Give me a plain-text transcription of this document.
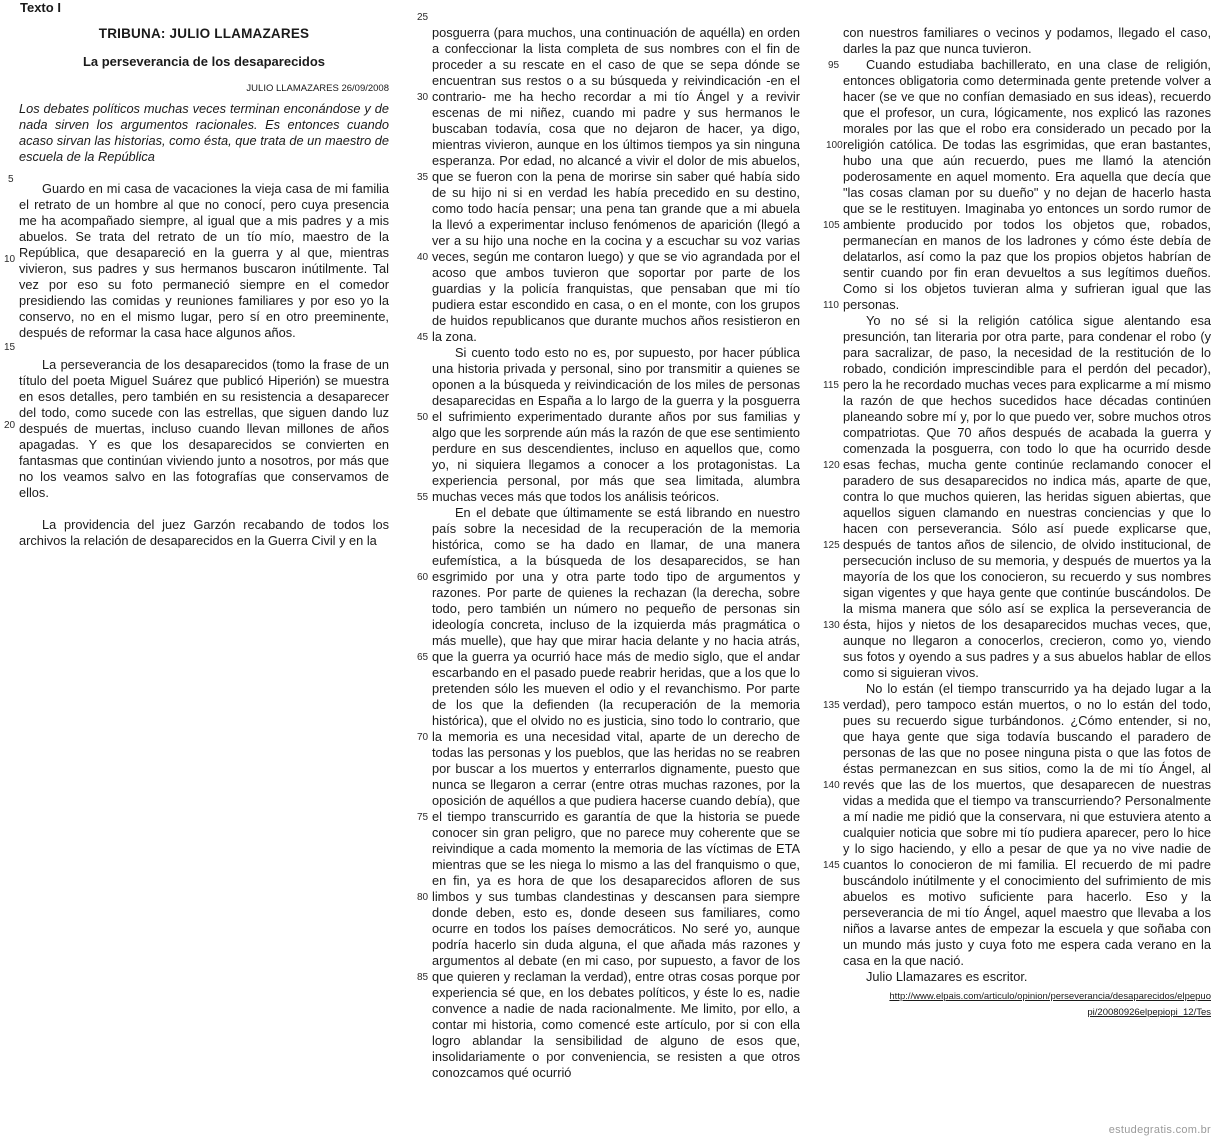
Texto I
TRIBUNA: JULIO LLAMAZARES
La perseverancia de los desaparecidos
JULIO LLAMAZARES 26/09/2008
Los debates políticos muchas veces terminan enconándose y de nada sirven los argumentos racionales. Es entonces cuando acaso sirvan las historias, como ésta, que trata de un maestro de escuela de la República

Guardo en mi casa de vacaciones la vieja casa de mi familia el retrato de un hombre al que no conocí, pero cuya presencia me ha acompañado siempre, al igual que a mis padres y a mis abuelos. Se trata del retrato de un tío mío, maestro de la República, que desapareció en la guerra y al que, mientras vivieron, sus padres y sus hermanos buscaron inútilmente. Tal vez por eso su foto permaneció siempre en el comedor presidiendo las comidas y reuniones familiares y por eso yo la conservo, no en el mismo lugar, pero sí en otro preeminente, después de reformar la casa hace algunos años.

La perseverancia de los desaparecidos (tomo la frase de un título del poeta Miguel Suárez que publicó Hiperión) se muestra en esos detalles, pero también en su resistencia a desaparecer del todo, como sucede con las estrellas, que siguen dando luz después de muertas, incluso cuando llevan millones de años apagadas. Y es que los desaparecidos se convierten en fantasmas que continúan viviendo junto a nosotros, por más que no los veamos salvo en las fotografías que conservamos de ellos.

La providencia del juez Garzón recabando de todos los archivos la relación de desaparecidos en la Guerra Civil y en la

posguerra (para muchos, una continuación de aquélla) en orden a confeccionar la lista completa de sus nombres con el fin de proceder a su rescate en el caso de que se sepa dónde se encuentran sus restos o a su búsqueda y reivindicación -en el contrario- me ha hecho recordar a mi tío Ángel y a revivir escenas de mi niñez, cuando mi padre y sus hermanos le buscaban todavía, cosa que no dejaron de hacer, ya digo, mientras vivieron, aunque en los últimos tiempos ya sin ninguna esperanza. Por edad, no alcancé a vivir el dolor de mis abuelos, que se fueron con la pena de morirse sin saber qué había sido de su hijo ni si en verdad les había precedido en su destino, como todo hacía pensar; una pena tan grande que a mi abuela la llevó a experimentar incluso fenómenos de aparición (llegó a ver a su hijo una noche en la cocina y a escuchar su voz varias veces, según me contaron luego) y que se vio agrandada por el acoso que ambos tuvieron que soportar por parte de los guardias y la policía franquistas, que pensaban que mi tío pudiera estar escondido en casa, o en el monte, con los grupos de huidos republicanos que durante muchos años resistieron en la zona.

Si cuento todo esto no es, por supuesto, por hacer pública una historia privada y personal, sino por transmitir a quienes se oponen a la búsqueda y reivindicación de los miles de personas desaparecidas en España a lo largo de la guerra y la posguerra el sufrimiento experimentado durante años por sus familias y algo que les sorprende aún más la razón de que ese sentimiento perdure en sus descendientes, incluso en aquellos que, como yo, ni siquiera llegamos a conocer a los protagonistas. La experiencia personal, por más que sea limitada, alumbra muchas veces más que todos los análisis teóricos.

En el debate que últimamente se está librando en nuestro país sobre la necesidad de la recuperación de la memoria histórica, como se ha dado en llamar, de una manera eufemística, a la búsqueda de los desaparecidos, se han esgrimido por una y otra parte todo tipo de argumentos y razones. Por parte de quienes la rechazan (la derecha, sobre todo, pero también un número no pequeño de personas sin ideología concreta, incluso de la izquierda más pragmática o más muelle), que hay que mirar hacia delante y no hacia atrás, que la guerra ya ocurrió hace más de medio siglo, que el andar escarbando en el pasado puede reabrir heridas, que a los que lo pretenden sólo les mueven el odio y el revanchismo. Por parte de los que la defienden (la recuperación de la memoria histórica), que el olvido no es justicia, sino todo lo contrario, que la memoria es una necesidad vital, aparte de un derecho de todas las personas y los pueblos, que las heridas no se reabren por buscar a los muertos y enterrarlos dignamente, puesto que nunca se llegaron a cerrar (entre otras muchas razones, por la oposición de aquéllos a que pudiera hacerse cuando debía), que el tiempo transcurrido es garantía de que la historia se puede conocer sin gran peligro, que no parece muy coherente que se reivindique a cada momento la memoria de las víctimas de ETA mientras que se les niega lo mismo a las del franquismo o que, en fin, ya es hora de que los desaparecidos afloren de sus limbos y sus tumbas clandestinas y descansen para siempre donde deben, esto es, donde deseen sus familiares, como ocurre en todos los países democráticos. No seré yo, aunque podría hacerlo sin duda alguna, el que añada más razones y argumentos al debate (en mi caso, por supuesto, a favor de los que quieren y reclaman la verdad), entre otras cosas porque por experiencia sé que, en los debates políticos, y éste lo es, nadie convence a nadie de nada racionalmente. Me limito, por ello, a contar mi historia, como comencé este artículo, por si con ella logro ablandar la sensibilidad de alguno de esos que, insolidariamente o por conveniencia, se resisten a que otros conozcamos qué ocurrió

con nuestros familiares o vecinos y podamos, llegado el caso, darles la paz que nunca tuvieron.

Cuando estudiaba bachillerato, en una clase de religión, entonces obligatoria como determinada gente pretende volver a hacer (se ve que no confían demasiado en sus ideas), recuerdo que el profesor, un cura, lógicamente, nos explicó las razones morales por las que el robo era considerado un pecado por la religión católica. De todas las esgrimidas, que eran bastantes, hubo una que aún recuerdo, pues me llamó la atención poderosamente en aquel momento. Era aquella que decía que "las cosas claman por su dueño" y no dejan de hacerlo hasta que se le restituyen. Imaginaba yo entonces un sordo rumor de ambiente producido por todos los objetos que, robados, permanecían en manos de los ladrones y cómo éste debía de delatarlos, así como la paz que los propios objetos habrían de sentir cuando por fin eran devueltos a sus legítimos dueños. Como si los objetos tuvieran alma y sufrieran igual que las personas.

Yo no sé si la religión católica sigue alentando esa presunción, tan literaria por otra parte, para condenar el robo (y para sacralizar, de paso, la necesidad de la restitución de lo robado, condición imprescindible para el perdón del pecador), pero la he recordado muchas veces para explicarme a mí mismo la razón de que hechos sucedidos hace décadas continúen planeando sobre mí y, por lo que puedo ver, sobre muchos otros compatriotas. Que 70 años después de acabada la guerra y comenzada la posguerra, con todo lo que ha ocurrido desde esas fechas, mucha gente continúe reclamando conocer el paradero de sus desaparecidos no indica más, aparte de que, contra lo que muchos quieren, las heridas siguen abiertas, que aquellos siguen clamando en nuestras conciencias y que lo hacen con perseverancia. Sólo así puede explicarse que, después de tantos años de silencio, de olvido institucional, de persecución incluso de su memoria, y después de muertos ya la mayoría de los que los conocieron, su recuerdo y sus nombres sigan vigentes y que haya gente que continúe buscándolos. De la misma manera que sólo así se explica la perseverancia de ésta, hijos y nietos de los desaparecidos muchas veces, que, aunque no llegaron a conocerlos, crecieron, como yo, viendo sus fotos y oyendo a sus padres y a sus abuelos hablar de ellos como si siguieran vivos.

No lo están (el tiempo transcurrido ya ha dejado lugar a la verdad), pero tampoco están muertos, o no lo están del todo, pues su recuerdo sigue turbándonos. ¿Cómo entender, si no, que haya gente que siga todavía buscando el paradero de personas de las que no posee ninguna pista o que las fotos de éstas permanezcan en sus sitios, como la de mi tío Ángel, al revés que las de los muertos, que desaparecen de nuestras vidas a medida que el tiempo va transcurriendo? Personalmente a mí nadie me pidió que la conservara, ni que estuviera atento a cualquier noticia que sobre mi tío pudiera aparecer, pero lo hice y lo sigo haciendo, y ello a pesar de que ya no vive nadie de cuantos lo conocieron de mi familia. El recuerdo de mi padre buscándolo inútilmente y el conocimiento del sufrimiento de mis abuelos es motivo suficiente para hacerlo. Eso y la perseverancia de mi tío Ángel, aquel maestro que llevaba a los niños a lavarse antes de empezar la escuela y que soñaba con un mundo más justo y cuya foto me espera cada verano en la casa en la que nació.

Julio Llamazares es escritor.

http://www.elpais.com/articulo/opinion/perseverancia/desaparecidos/elpepuo
pi/20080926elpepiopi_12/Tes
5
10
15
20
25
30
35
40
45
50
55
60
65
70
75
80
85
95
100
105
110
115
120
125
130
135
140
145
estudegratis.com.br
